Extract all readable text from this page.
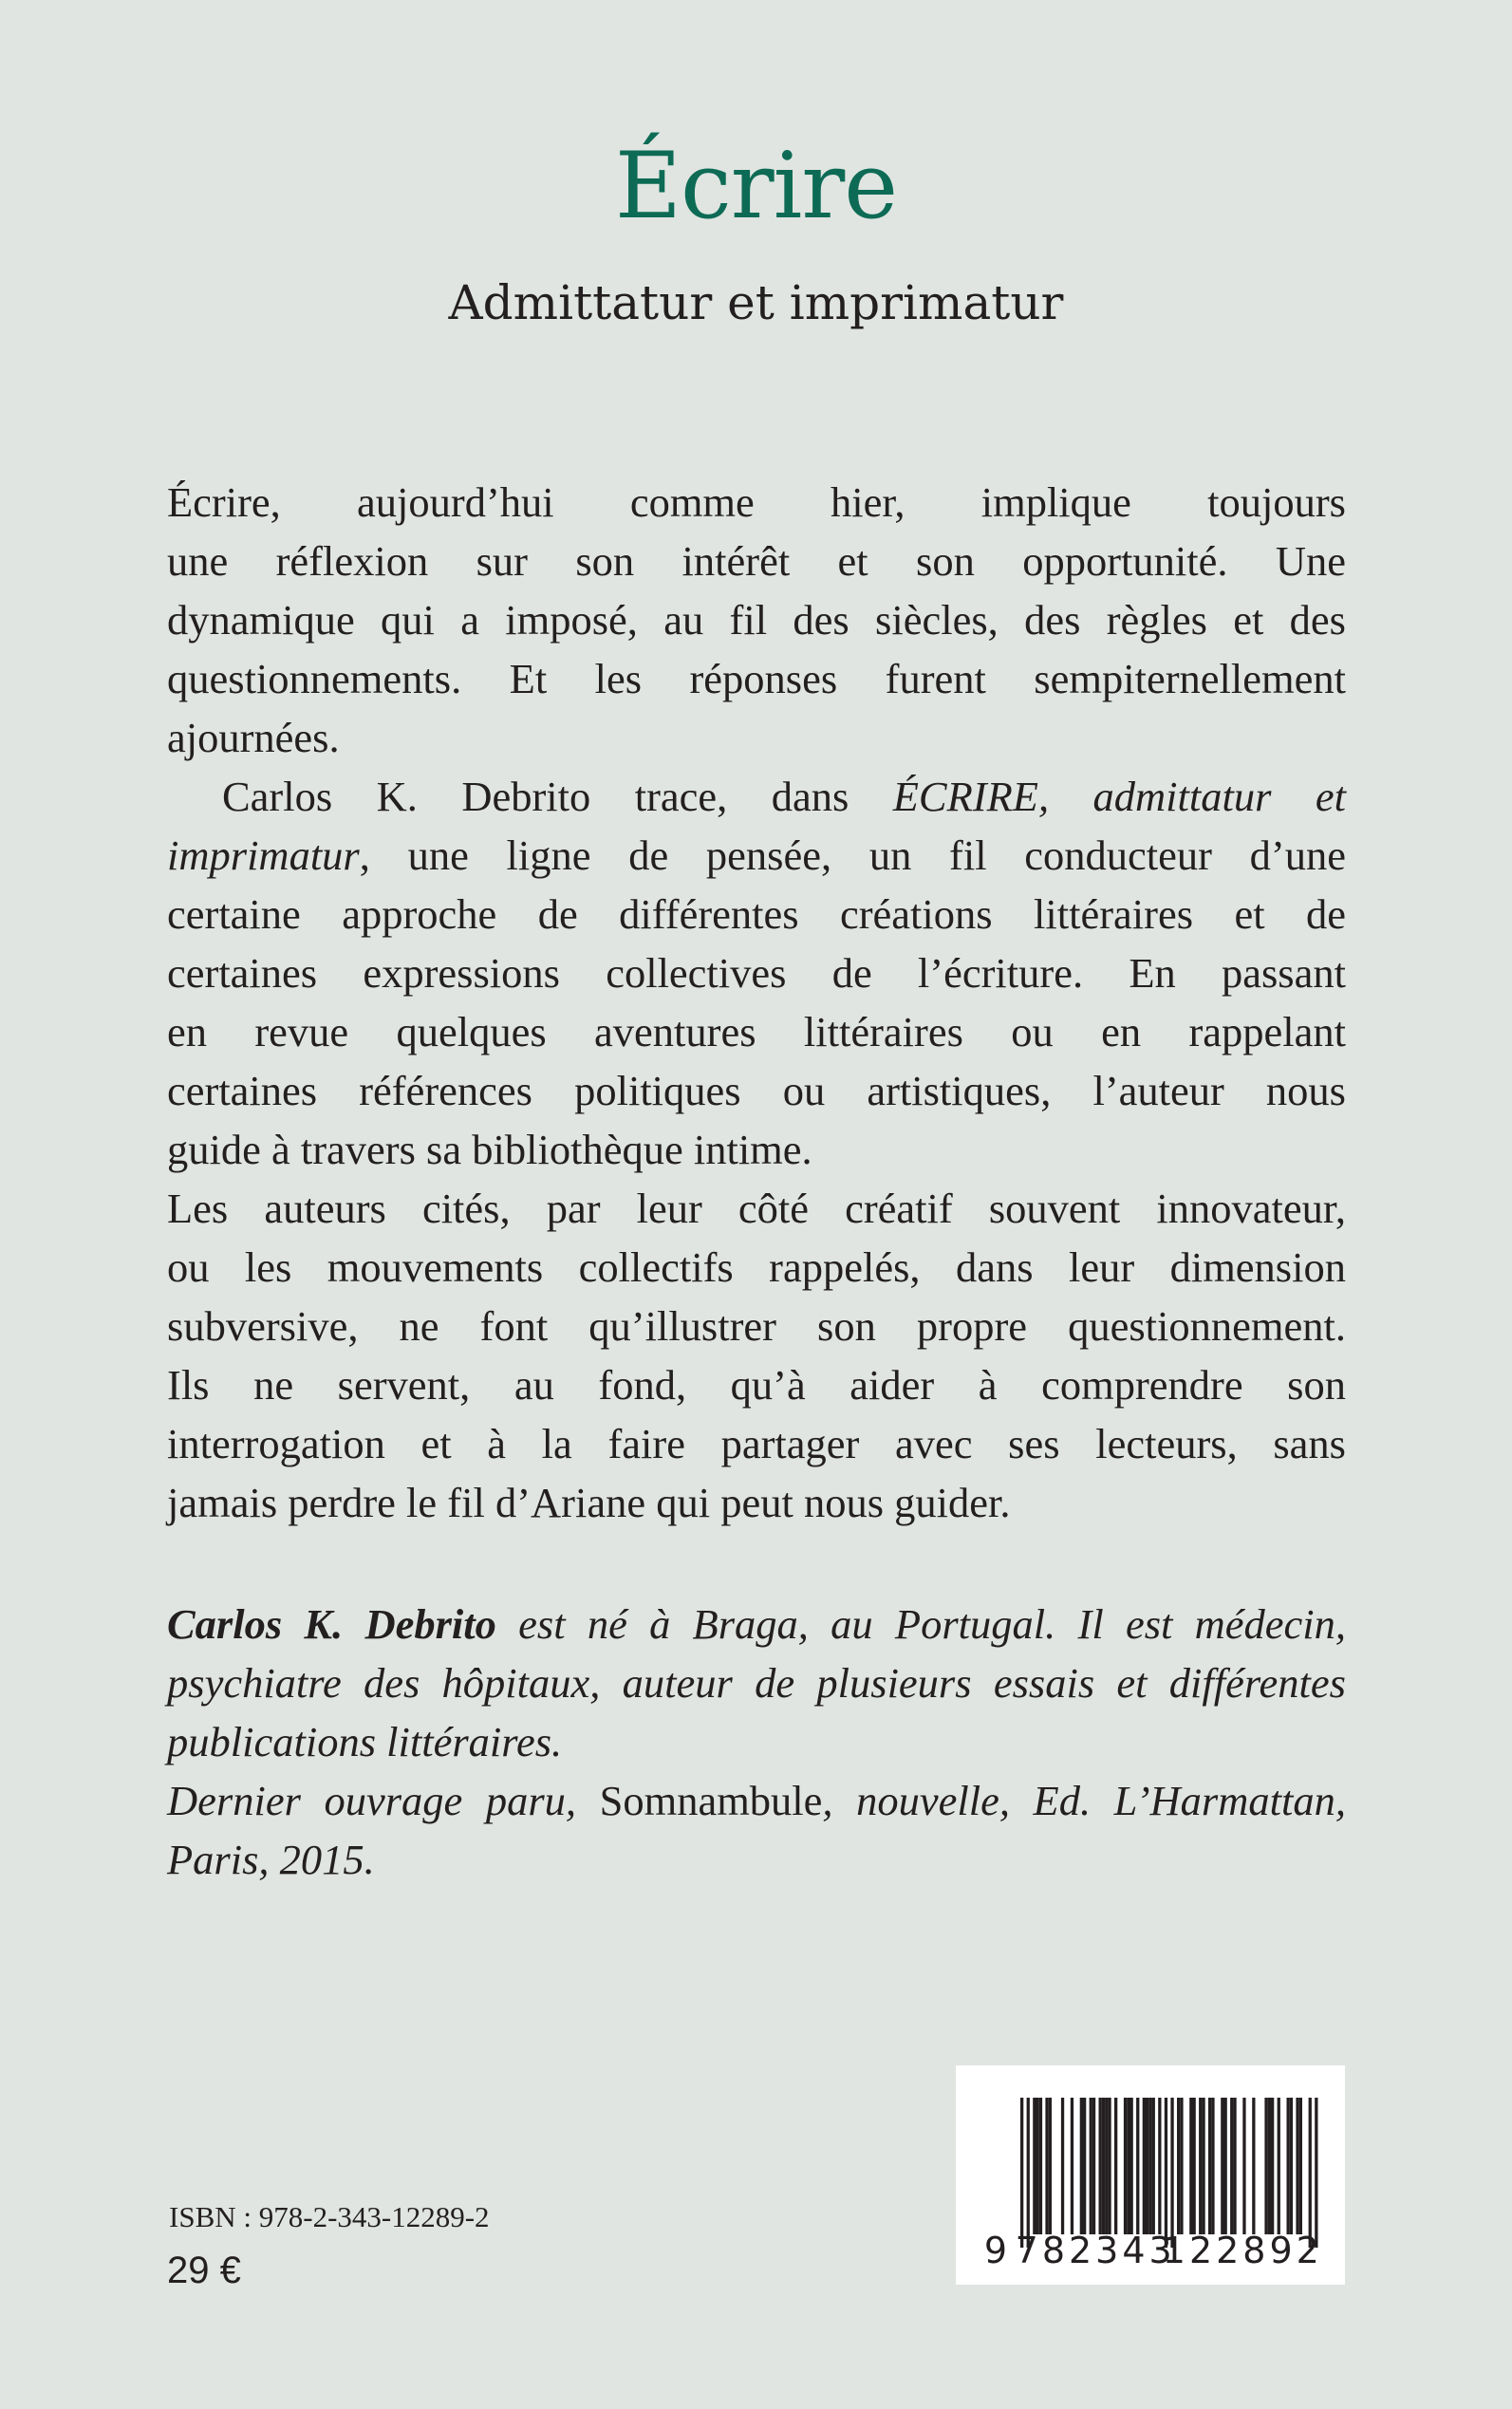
Écrire
Admittatur et imprimatur
Écrire, aujourd’hui comme hier, implique toujours
une réflexion sur son intérêt et son opportunité. Une
dynamique qui a imposé, au fil des siècles, des règles et des
questionnements. Et les réponses furent sempiternellement
ajournées.
Carlos K. Debrito trace, dans ÉCRIRE, admittatur et
imprimatur, une ligne de pensée, un fil conducteur d’une
certaine approche de différentes créations littéraires et de
certaines expressions collectives de l’écriture. En passant
en revue quelques aventures littéraires ou en rappelant
certaines références politiques ou artistiques, l’auteur nous
guide à travers sa bibliothèque intime.
Les auteurs cités, par leur côté créatif souvent innovateur,
ou les mouvements collectifs rappelés, dans leur dimension
subversive, ne font qu’illustrer son propre questionnement.
Ils ne servent, au fond, qu’à aider à comprendre son
interrogation et à la faire partager avec ses lecteurs, sans
jamais perdre le fil d’Ariane qui peut nous guider.
Carlos K. Debrito est né à Braga, au Portugal. Il est médecin,
psychiatre des hôpitaux, auteur de plusieurs essais et différentes
publications littéraires.
Dernier ouvrage paru, Somnambule, nouvelle, Ed. L’Harmattan,
Paris, 2015.
ISBN : 978-2-343-12289-2
29 €	9 782343
122892
